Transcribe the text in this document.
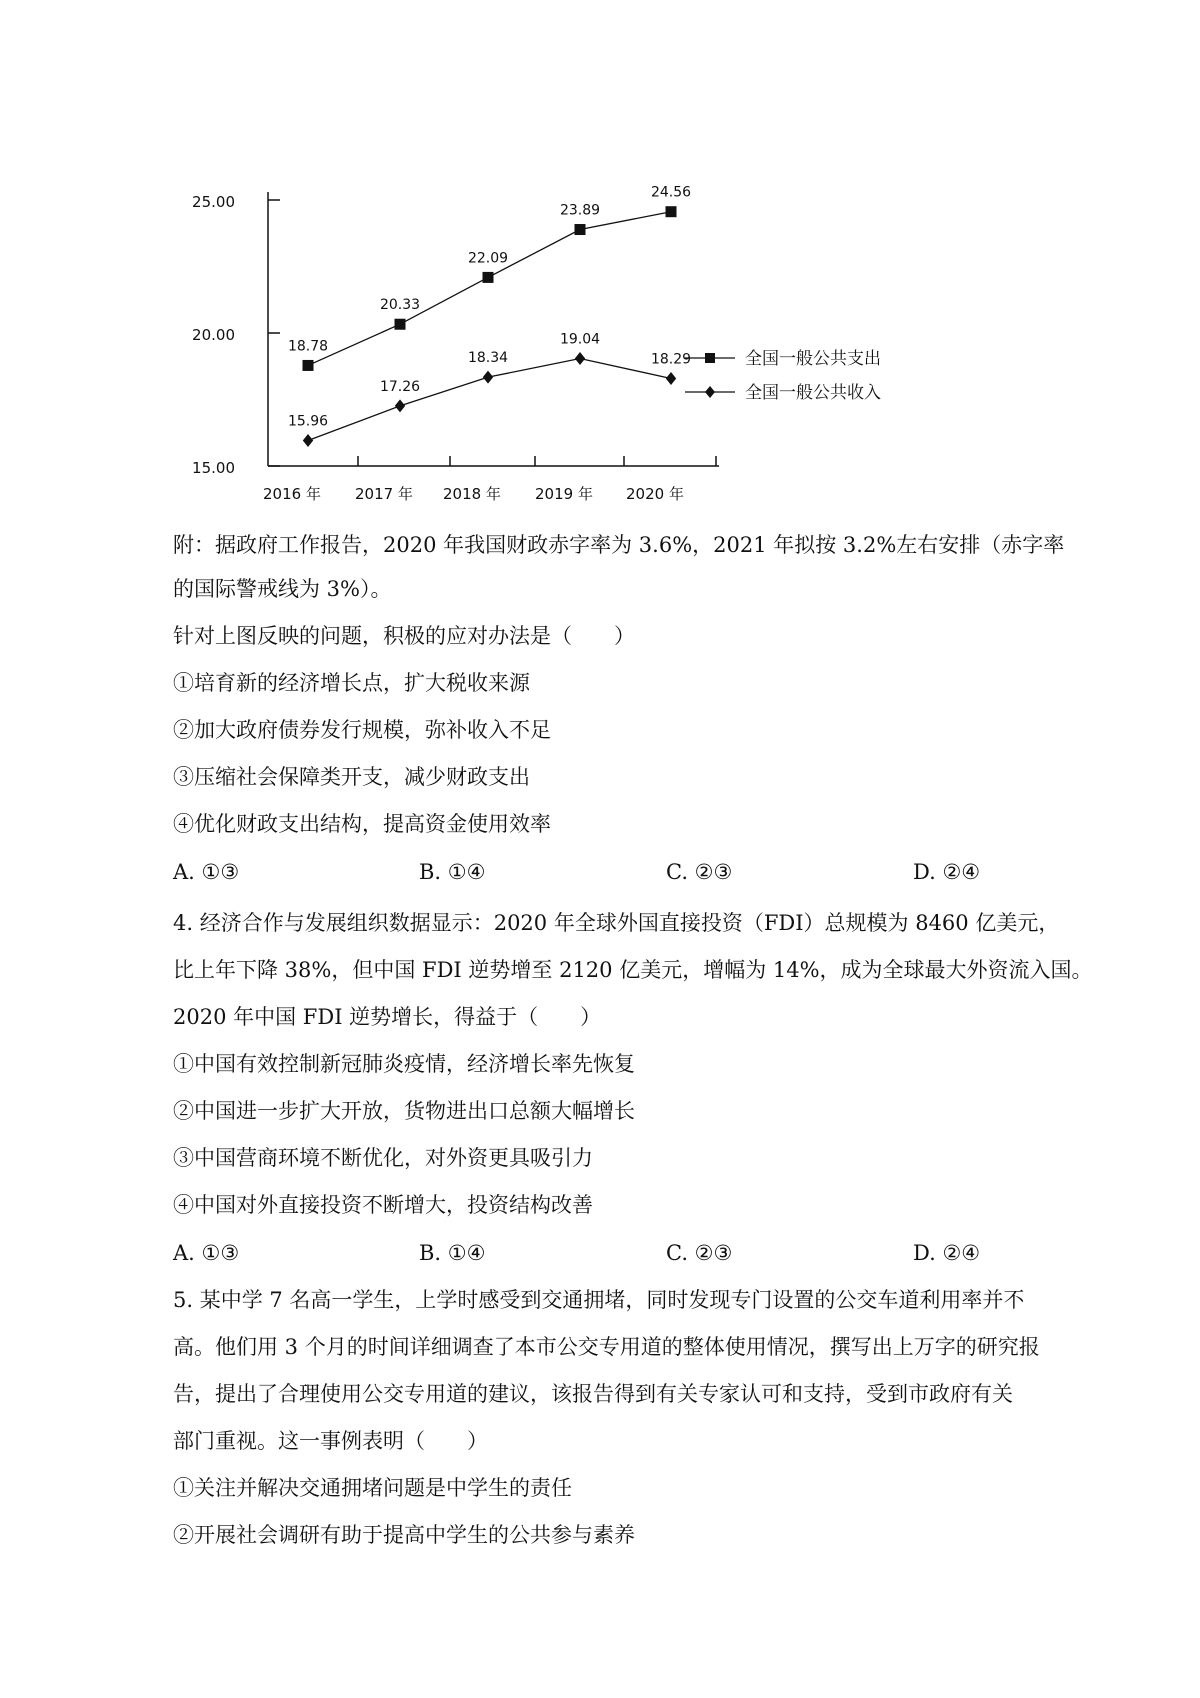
15.00
20.00
25.00
2016 年 2017 年 2018 年 2019 年 2020 年
18.78
20.33
22.09
23.89
24.56
15.96
17.26
18.34
19.04
18.29	全国一般公共支出
全国一般公共收入
附：据政府工作报告，2020 年我国财政赤字率为 3.6%，2021 年拟按 3.2%左右安排（赤字率
的国际警戒线为 3%）。
针对上图反映的问题，积极的应对办法是（　　）
①培育新的经济增长点，扩大税收来源
②加大政府债券发行规模，弥补收入不足
③压缩社会保障类开支，减少财政支出
④优化财政支出结构，提高资金使用效率
A. ①③	B. ①④	C. ②③	D. ②④
4. 经济合作与发展组织数据显示：2020 年全球外国直接投资（FDI）总规模为 8460 亿美元，
比上年下降 38%，但中国 FDI 逆势增至 2120 亿美元，增幅为 14%，成为全球最大外资流入国。
2020 年中国 FDI 逆势增长，得益于（　　）
①中国有效控制新冠肺炎疫情，经济增长率先恢复
②中国进一步扩大开放，货物进出口总额大幅增长
③中国营商环境不断优化，对外资更具吸引力
④中国对外直接投资不断增大，投资结构改善
A. ①③	B. ①④	C. ②③	D. ②④
5. 某中学 7 名高一学生，上学时感受到交通拥堵，同时发现专门设置的公交车道利用率并不
高。他们用 3 个月的时间详细调查了本市公交专用道的整体使用情况，撰写出上万字的研究报
告，提出了合理使用公交专用道的建议，该报告得到有关专家认可和支持，受到市政府有关
部门重视。这一事例表明（　　）
①关注并解决交通拥堵问题是中学生的责任
②开展社会调研有助于提高中学生的公共参与素养
